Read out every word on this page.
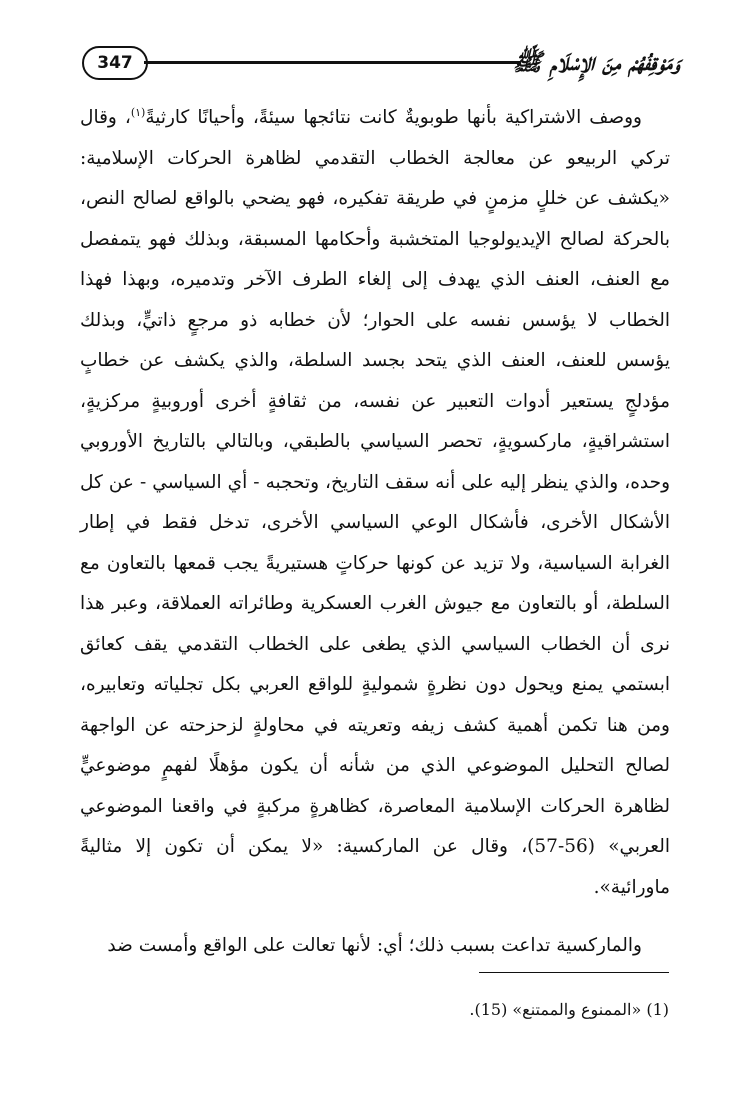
347	وَمَوْقِفُهُمْ مِنَ الإِسْلَامِ ﷺ

ووصف الاشتراكية بأنها طوبويةٌ كانت نتائجها سيئةً، وأحيانًا كارثيةً$^{(١)}$، وقال تركي الربيعو عن معالجة الخطاب التقدمي لظاهرة الحركات الإسلامية: «يكشف عن خللٍ مزمنٍ في طريقة تفكيره، فهو يضحي بالواقع لصالح النص، بالحركة لصالح الإيديولوجيا المتخشبة وأحكامها المسبقة، وبذلك فهو يتمفصل مع العنف، العنف الذي يهدف إلى إلغاء الطرف الآخر وتدميره، وبهذا فهذا الخطاب لا يؤسس نفسه على الحوار؛ لأن خطابه ذو مرجعٍ ذاتيٍّ، وبذلك يؤسس للعنف، العنف الذي يتحد بجسد السلطة، والذي يكشف عن خطابٍ مؤدلجٍ يستعير أدوات التعبير عن نفسه، من ثقافةٍ أخرى أوروبيةٍ مركزيةٍ، استشراقيةٍ، ماركسويةٍ، تحصر السياسي بالطبقي، وبالتالي بالتاريخ الأوروبي وحده، والذي ينظر إليه على أنه سقف التاريخ، وتحجبه - أي السياسي - عن كل الأشكال الأخرى، فأشكال الوعي السياسي الأخرى، تدخل فقط في إطار الغرابة السياسية، ولا تزيد عن كونها حركاتٍ هستيريةً يجب قمعها بالتعاون مع السلطة، أو بالتعاون مع جيوش الغرب العسكرية وطائراته العملاقة، وعبر هذا نرى أن الخطاب السياسي الذي يطغى على الخطاب التقدمي يقف كعائق ابستمي يمنع ويحول دون نظرةٍ شموليةٍ للواقع العربي بكل تجلياته وتعابيره، ومن هنا تكمن أهمية كشف زيفه وتعريته في محاولةٍ لزحزحته عن الواجهة لصالح التحليل الموضوعي الذي من شأنه أن يكون مؤهلًا لفهمٍ موضوعيٍّ لظاهرة الحركات الإسلامية المعاصرة، كظاهرةٍ مركبةٍ في واقعنا الموضوعي العربي» (56-57)، وقال عن الماركسية: «لا يمكن أن تكون إلا مثاليةً ماورائية».

والماركسية تداعت بسبب ذلك؛ أي: لأنها تعالت على الواقع وأمست ضد

(1) «الممنوع والممتنع» (15).
